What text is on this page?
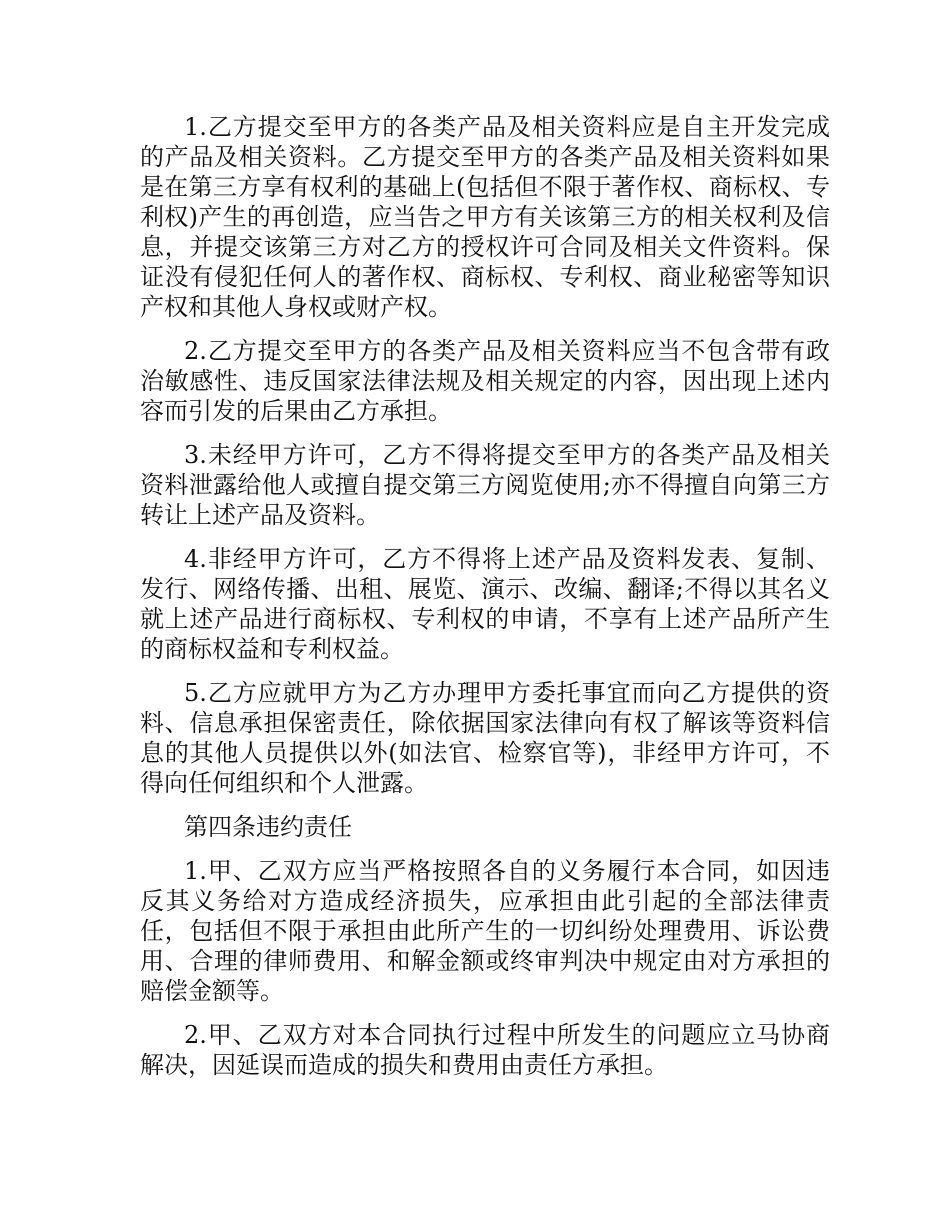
1.乙方提交至甲方的各类产品及相关资料应是自主开发完成的产品及相关资料。乙方提交至甲方的各类产品及相关资料如果是在第三方享有权利的基础上(包括但不限于著作权、商标权、专利权)产生的再创造，应当告之甲方有关该第三方的相关权利及信息，并提交该第三方对乙方的授权许可合同及相关文件资料。保证没有侵犯任何人的著作权、商标权、专利权、商业秘密等知识产权和其他人身权或财产权。

2.乙方提交至甲方的各类产品及相关资料应当不包含带有政治敏感性、违反国家法律法规及相关规定的内容，因出现上述内容而引发的后果由乙方承担。

3.未经甲方许可，乙方不得将提交至甲方的各类产品及相关资料泄露给他人或擅自提交第三方阅览使用;亦不得擅自向第三方转让上述产品及资料。

4.非经甲方许可，乙方不得将上述产品及资料发表、复制、发行、网络传播、出租、展览、演示、改编、翻译;不得以其名义就上述产品进行商标权、专利权的申请，不享有上述产品所产生的商标权益和专利权益。

5.乙方应就甲方为乙方办理甲方委托事宜而向乙方提供的资料、信息承担保密责任，除依据国家法律向有权了解该等资料信息的其他人员提供以外(如法官、检察官等)，非经甲方许可，不得向任何组织和个人泄露。

第四条违约责任

1.甲、乙双方应当严格按照各自的义务履行本合同，如因违反其义务给对方造成经济损失，应承担由此引起的全部法律责任，包括但不限于承担由此所产生的一切纠纷处理费用、诉讼费用、合理的律师费用、和解金额或终审判决中规定由对方承担的赔偿金额等。

2.甲、乙双方对本合同执行过程中所发生的问题应立马协商解决，因延误而造成的损失和费用由责任方承担。
